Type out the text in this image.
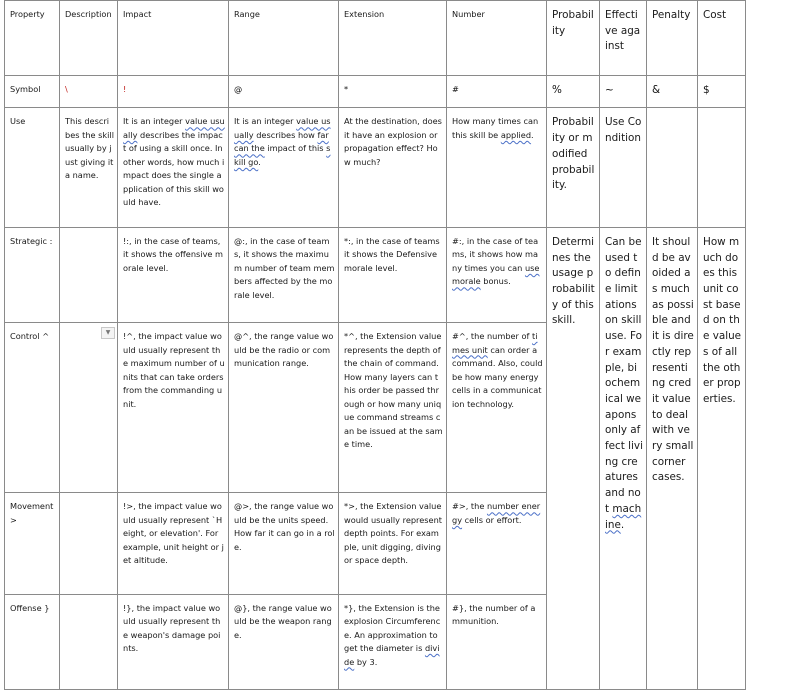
Property	Description	Impact	Range	Extension	Number	Probability	Effective against	Penalty	Cost
Symbol	\	!	@	*	#	%	~	&	$
Use	This describes the skill usually by just giving it a name.	It is an integer value usually describes the impact of using a skill once. In other words, how much impact does the single application of this skill would have.	It is an integer value usually describes how far can the impact of this skill go.	At the destination, does it have an explosion or propagation effect? How much?	How many times can this skill be applied.	Probability or modified probability.	Use Condition		
Strategic :		!:, in the case of teams, it shows the offensive morale level.	@:, in the case of teams, it shows the maximum number of team members affected by the morale level.	*:, in the case of teams it shows the Defensive morale level.	#:, in the case of teams, it shows how many times you can use morale bonus.	Determines the usage probability of this skill.	Can be used to define limitations on skill use. For example, biochemical weapons only affect living creatures and not machine.	It should be avoided as much as possible and it is directly representing credit value to deal with very small corner cases.	How much does this unit cost based on the values of all the other properties.
Control ^	▼	!^, the impact value would usually represent the maximum number of units that can take orders from the commanding unit.	@^, the range value would be the radio or communication range.	*^, the Extension value represents the depth of the chain of command. How many layers can this order be passed through or how many unique command streams can be issued at the same time.	#^, the number of times unit can order a command. Also, could be how many energy cells in a communication technology.				
Movement >		!>, the impact value would usually represent `Height, or elevation'. For example, unit height or jet altitude.	@>, the range value would be the units speed. How far it can go in a role.	*>, the Extension value would usually represent depth points. For example, unit digging, diving or space depth.	#>, the number energy cells or effort.				
Offense }		!}, the impact value would usually represent the weapon's damage points.	@}, the range value would be the weapon range.	*}, the Extension is the explosion Circumference. An approximation to get the diameter is divide by 3.	#}, the number of ammunition.				
